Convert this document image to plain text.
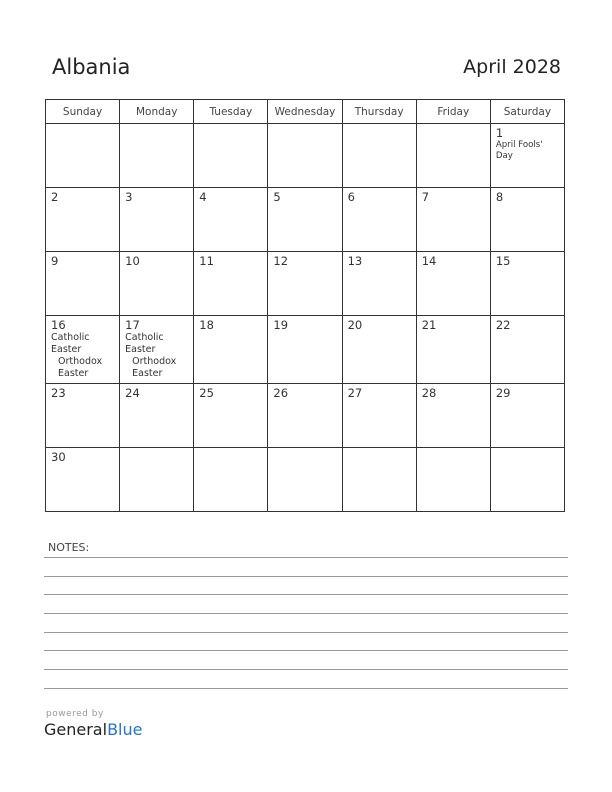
Albania	April 2028
Sunday	Monday	Tuesday	Wednesday	Thursday	Friday	Saturday

						1
April Fools'
Day

2	3	4	5	6	7	8

9	10	11	12	13	14	15

16
Catholic
Easter
Orthodox
Easter	17
Catholic
Easter
Orthodox
Easter	18	19	20	21	22

23	24	25	26	27	28	29

30						

NOTES:
powered by
GeneralBlue
